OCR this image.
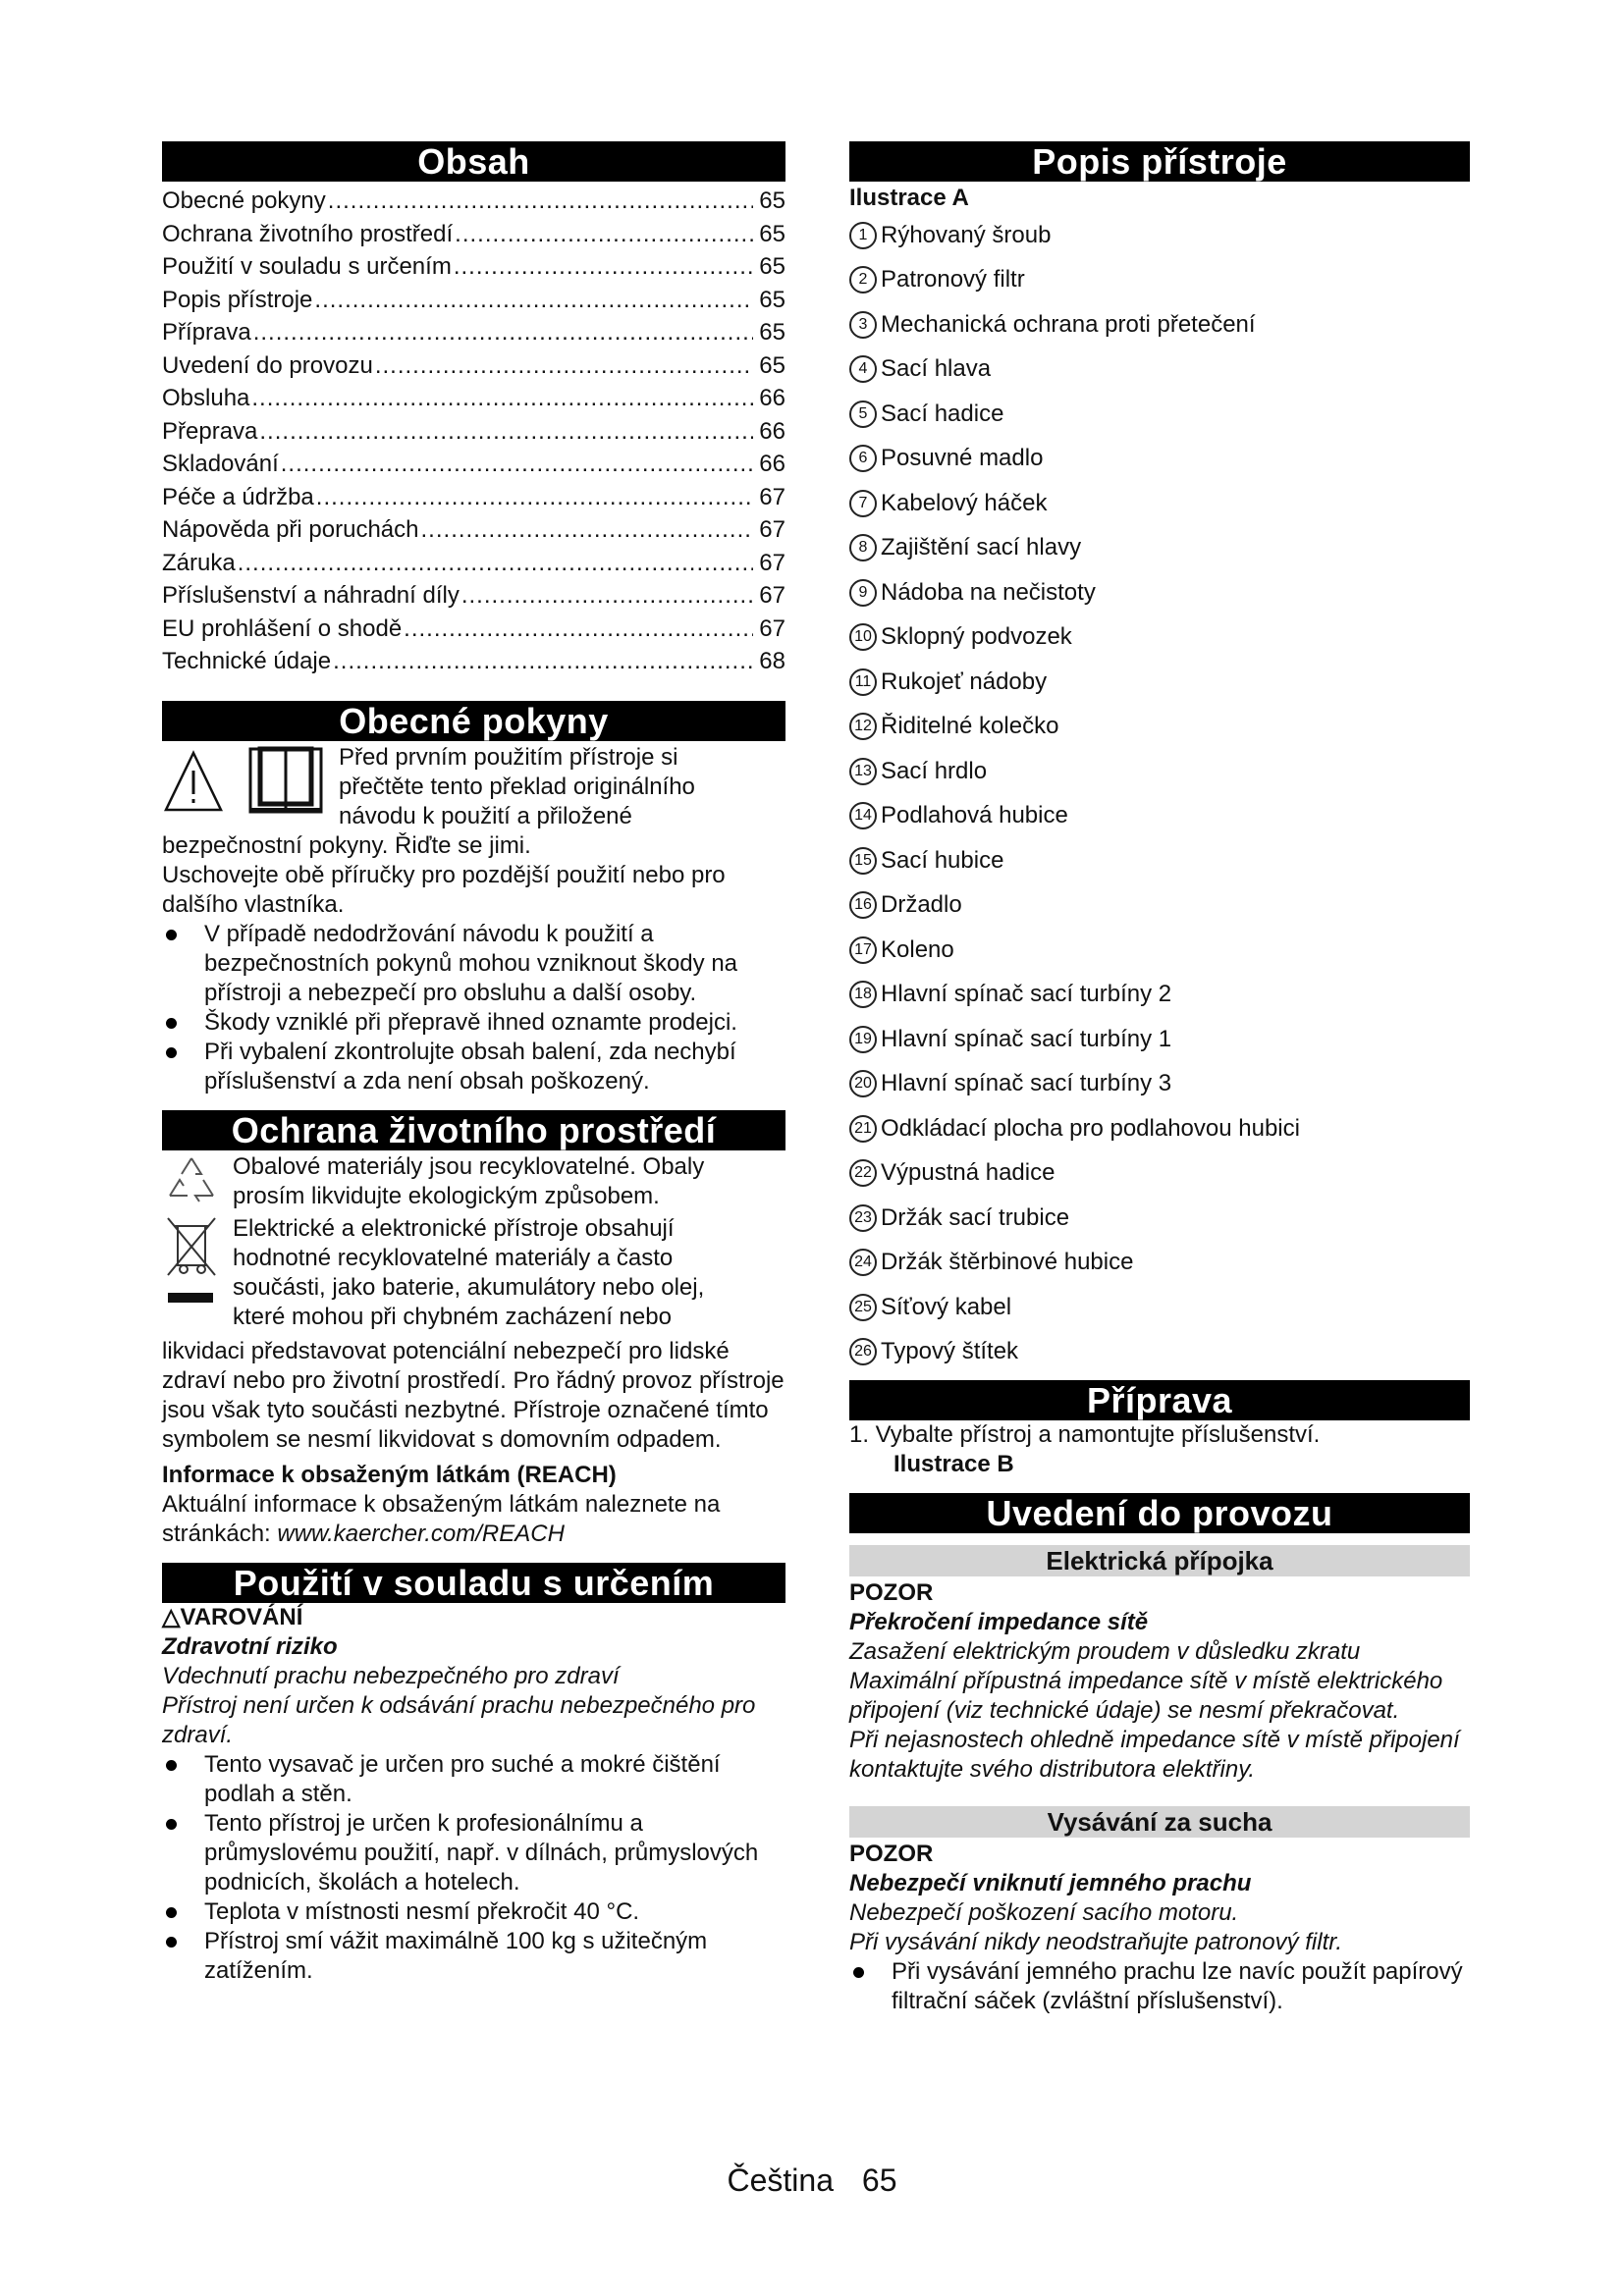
Obsah
Obecné pokyny .....	65
Ochrana životního prostředí .....	65
Použití v souladu s určením .....	65
Popis přístroje .....	65
Příprava .....	65
Uvedení do provozu .....	65
Obsluha .....	66
Přeprava .....	66
Skladování .....	66
Péče a údržba .....	67
Nápověda při poruchách .....	67
Záruka .....	67
Příslušenství a náhradní díly .....	67
EU prohlášení o shodě .....	67
Technické údaje .....	68
Obecné pokyny
Před prvním použitím přístroje si
přečtěte tento překlad originálního
návodu k použití a přiložené
bezpečnostní pokyny. Řiďte se jimi.
Uschovejte obě příručky pro pozdější použití nebo pro dalšího vlastníka.
V případě nedodržování návodu k použití a bezpečnostních pokynů mohou vzniknout škody na přístroji a nebezpečí pro obsluhu a další osoby.
Škody vzniklé při přepravě ihned oznamte prodejci.
Při vybalení zkontrolujte obsah balení, zda nechybí příslušenství a zda není obsah poškozený.
Ochrana životního prostředí
Obalové materiály jsou recyklovatelné. Obaly
prosím likvidujte ekologickým způsobem.
Elektrické a elektronické přístroje obsahují
hodnotné recyklovatelné materiály a často
součásti, jako baterie, akumulátory nebo olej,
které mohou při chybném zacházení nebo
likvidaci představovat potenciální nebezpečí pro lidské zdraví nebo pro životní prostředí. Pro řádný provoz přístroje jsou však tyto součásti nezbytné. Přístroje označené tímto symbolem se nesmí likvidovat s domovním odpadem.
Informace k obsaženým látkám (REACH)
Aktuální informace k obsaženým látkám naleznete na stránkách: www.kaercher.com/REACH
Použití v souladu s určením
△VAROVÁNÍ
Zdravotní riziko
Vdechnutí prachu nebezpečného pro zdraví
Přístroj není určen k odsávání prachu nebezpečného pro zdraví.
Tento vysavač je určen pro suché a mokré čištění podlah a stěn.
Tento přístroj je určen k profesionálnímu a průmyslovému použití, např. v dílnách, průmyslových podnicích, školách a hotelech.
Teplota v místnosti nesmí překročit 40 °C.
Přístroj smí vážit maximálně 100 kg s užitečným zatížením.
Popis přístroje
Ilustrace A
1 Rýhovaný šroub
2 Patronový filtr
3 Mechanická ochrana proti přetečení
4 Sací hlava
5 Sací hadice
6 Posuvné madlo
7 Kabelový háček
8 Zajištění sací hlavy
9 Nádoba na nečistoty
10 Sklopný podvozek
11 Rukojeť nádoby
12 Řiditelné kolečko
13 Sací hrdlo
14 Podlahová hubice
15 Sací hubice
16 Držadlo
17 Koleno
18 Hlavní spínač sací turbíny 2
19 Hlavní spínač sací turbíny 1
20 Hlavní spínač sací turbíny 3
21 Odkládací plocha pro podlahovou hubici
22 Výpustná hadice
23 Držák sací trubice
24 Držák štěrbinové hubice
25 Síťový kabel
26 Typový štítek
Příprava
1. Vybalte přístroj a namontujte příslušenství.
Ilustrace B
Uvedení do provozu
Elektrická přípojka
POZOR
Překročení impedance sítě
Zasažení elektrickým proudem v důsledku zkratu
Maximální přípustná impedance sítě v místě elektrického připojení (viz technické údaje) se nesmí překračovat.
Při nejasnostech ohledně impedance sítě v místě připojení kontaktujte svého distributora elektřiny.
Vysávání za sucha
POZOR
Nebezpečí vniknutí jemného prachu
Nebezpečí poškození sacího motoru.
Při vysávání nikdy neodstraňujte patronový filtr.
Při vysávání jemného prachu lze navíc použít papírový filtrační sáček (zvláštní příslušenství).
Čeština 65
